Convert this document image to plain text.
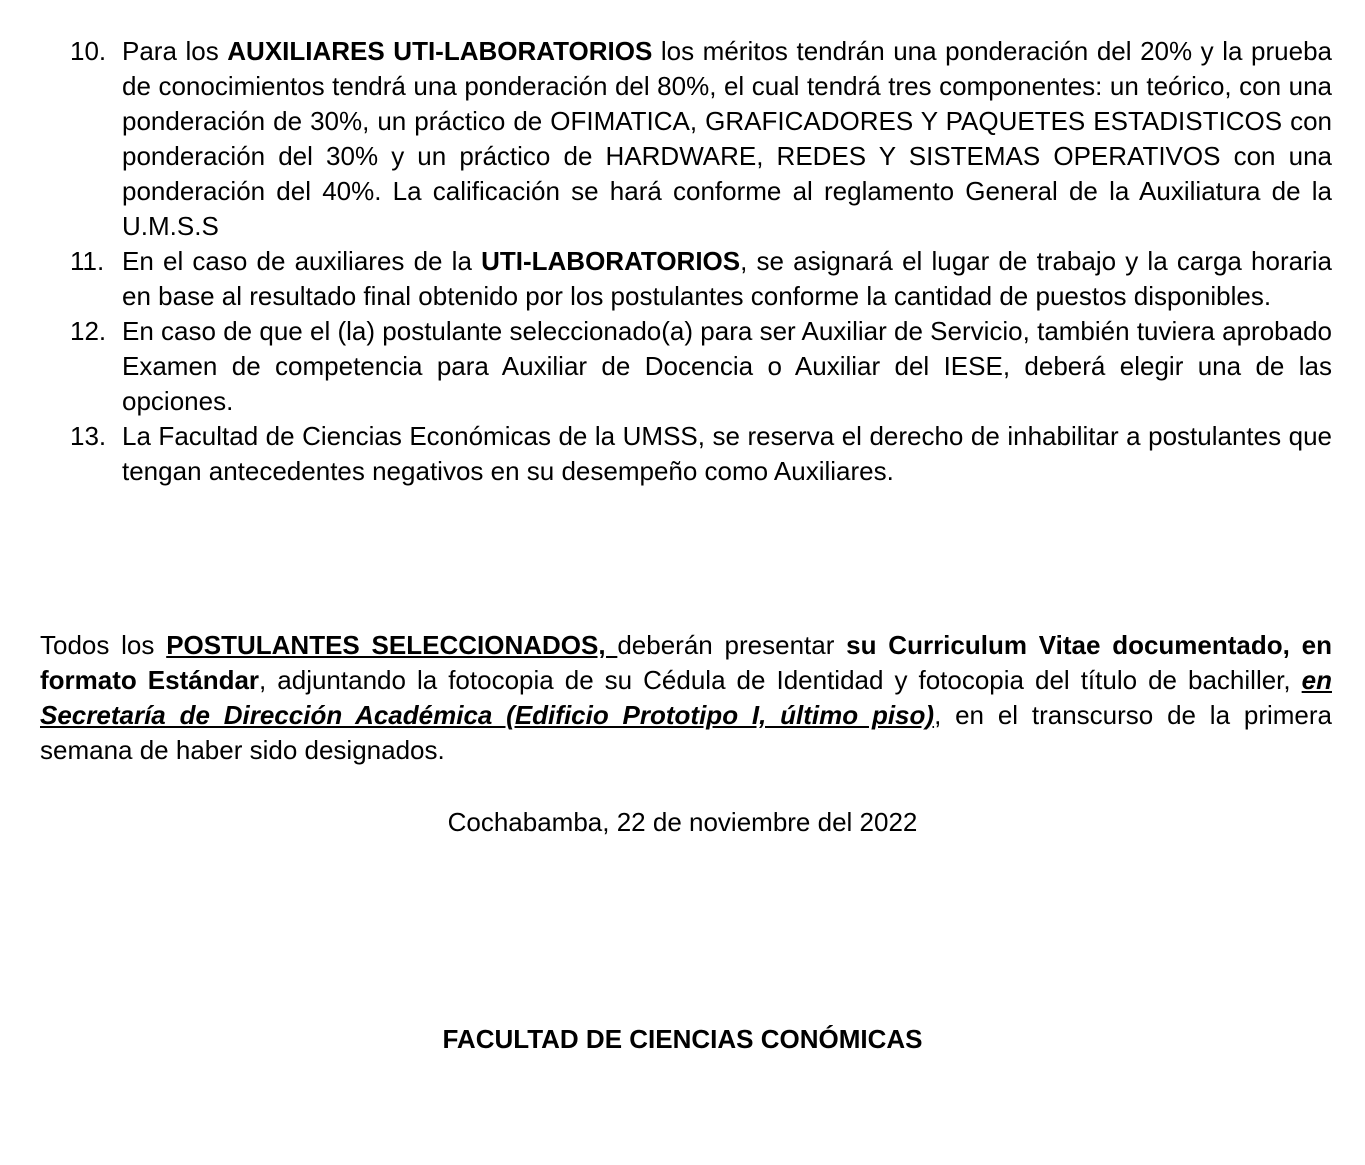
10. Para los AUXILIARES UTI-LABORATORIOS los méritos tendrán una ponderación del 20% y la prueba de conocimientos tendrá una ponderación del 80%, el cual tendrá tres componentes: un teórico, con una ponderación de 30%, un práctico de OFIMATICA, GRAFICADORES Y PAQUETES ESTADISTICOS con ponderación del 30% y un práctico de HARDWARE, REDES Y SISTEMAS OPERATIVOS con una ponderación del 40%. La calificación se hará conforme al reglamento General de la Auxiliatura de la U.M.S.S
11. En el caso de auxiliares de la UTI-LABORATORIOS, se asignará el lugar de trabajo y la carga horaria en base al resultado final obtenido por los postulantes conforme la cantidad de puestos disponibles.
12. En caso de que el (la) postulante seleccionado(a) para ser Auxiliar de Servicio, también tuviera aprobado Examen de competencia para Auxiliar de Docencia o Auxiliar del IESE, deberá elegir una de las opciones.
13. La Facultad de Ciencias Económicas de la UMSS, se reserva el derecho de inhabilitar a postulantes que tengan antecedentes negativos en su desempeño como Auxiliares.

Todos los POSTULANTES SELECCIONADOS, deberán presentar su Curriculum Vitae documentado, en formato Estándar, adjuntando la fotocopia de su Cédula de Identidad y fotocopia del título de bachiller, en Secretaría de Dirección Académica (Edificio Prototipo I, último piso), en el transcurso de la primera semana de haber sido designados.

Cochabamba, 22 de noviembre del 2022

FACULTAD DE CIENCIAS CONÓMICAS
